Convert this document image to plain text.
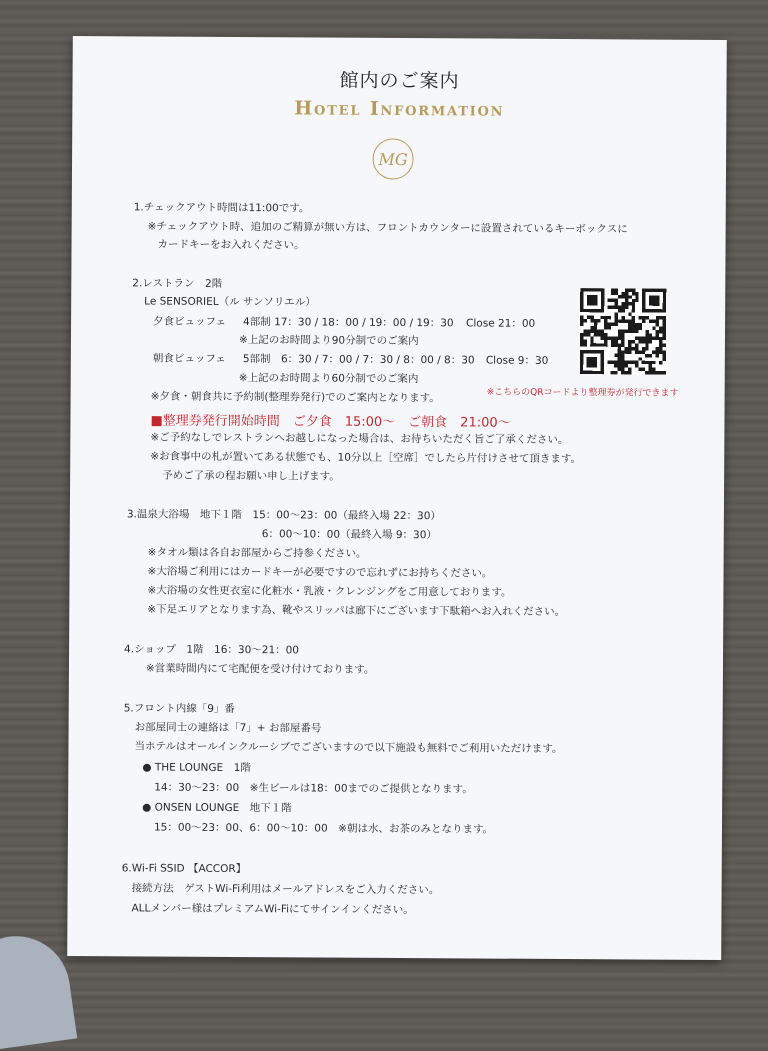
館内のご案内
Hotel Information
MG
1.チェックアウト時間は11:00です。
※チェックアウト時、追加のご精算が無い方は、フロントカウンターに設置されているキーボックスに
カードキーをお入れください。
2.レストラン　2階
Le SENSORIEL（ル サンソリエル）
夕食ビュッフェ 4部制 17：30 / 18：00 / 19：00 / 19：30 Close 21：00
※上記のお時間より90分制でのご案内
朝食ビュッフェ 5部制　6：30 / 7：00 / 7：30 / 8：00 / 8：30 Close 9：30
※上記のお時間より60分制でのご案内
※夕食・朝食共に予約制(整理券発行)でのご案内となります。
■整理券発行開始時間　ご夕食　15:00～　ご朝食　21:00～
※ご予約なしでレストランへお越しになった場合は、お待ちいただく旨ご了承ください。
※お食事中の札が置いてある状態でも、10分以上［空席］でしたら片付けさせて頂きます。
予めご了承の程お願い申し上げます。
※こちらのQRコードより整理券が発行できます
3.温泉大浴場　地下１階　15：00～23：00（最終入場 22：30）
6：00～10：00（最終入場 9：30）
※タオル類は各自お部屋からご持参ください。
※大浴場ご利用にはカードキーが必要ですので忘れずにお持ちください。
※大浴場の女性更衣室に化粧水・乳液・クレンジングをご用意しております。
※下足エリアとなります為、靴やスリッパは廊下にございます下駄箱へお入れください。
4.ショップ　1階　16：30～21：00
※営業時間内にて宅配便を受け付けております。
5.フロント内線「9」番
お部屋同士の連絡は「7」+ お部屋番号
当ホテルはオールインクルーシブでございますので以下施設も無料でご利用いただけます。
● THE LOUNGE　1階
14：30～23：00　※生ビールは18：00までのご提供となります。
● ONSEN LOUNGE　地下１階
15：00～23：00、6：00～10：00　※朝は水、お茶のみとなります。
6.Wi-Fi SSID 【ACCOR】
接続方法　ゲストWi-Fi利用はメールアドレスをご入力ください。
ALLメンバー様はプレミアムWi-Fiにてサインインください。
